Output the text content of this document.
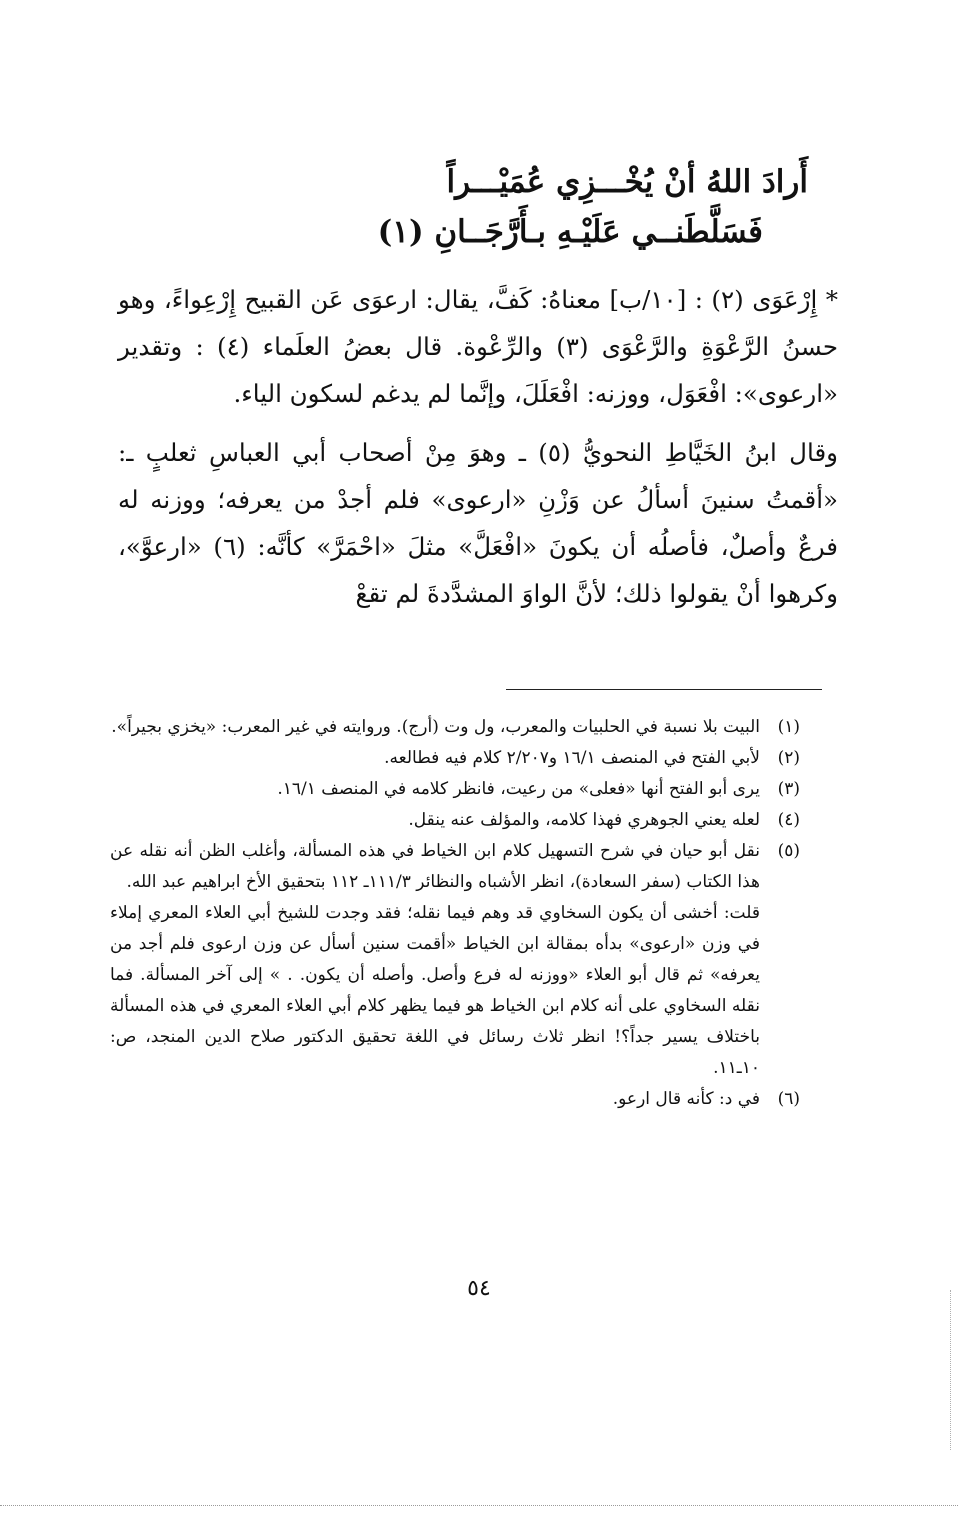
أَرادَ اللهُ أنْ يُخْـــزِي عُمَيْـــراً
فَسَلَّطَنــي عَلَيْـهِ بـأَرَّجَــانِ (١)

* إِرْعَوَى (٢) : [١٠/ب] معناهُ: كَفَّ، يقال: ارعوَى عَن القبيح إِرْعِواءً، وهو حسنُ الرَّعْوَةِ والرَّعْوَى (٣) والرِّعْوة. قال بعضُ العلَماء (٤) : وتقدير «ارعوى»: افْعَوَل، ووزنه: افْعَلَلَ، وإنَّما لم يدغم لسكون الياء.

وقال ابنُ الخَيَّاطِ النحويُّ (٥) ـ وهوَ مِنْ أصحاب أبي العباسِ ثعلبٍ ـ: «أقمتُ سنينَ أسألُ عن وَزْنِ «ارعوى» فلم أجدْ من يعرفه؛ ووزنه له فرعٌ وأصلٌ، فأصلُه أن يكونَ «افْعَلَّ» مثلَ «احْمَرَّ» كأنَّه: (٦) «ارعوَّ»، وكرهوا أنْ يقولوا ذلك؛ لأنَّ الواوَ المشدَّدةَ لم تقعْ

(١)
البيت بلا نسبة في الحلبيات والمعرب، ول وت (أرج). وروايته في غير المعرب: «يخزي بجيراً».
(٢)
لأبي الفتح في المنصف ١٦/١ و٢/٢٠٧ كلام فيه فطالعه.
(٣)
يرى أبو الفتح أنها «فعلى» من رعيت، فانظر كلامه في المنصف ١٦/١.
(٤)
لعله يعني الجوهري فهذا كلامه، والمؤلف عنه ينقل.
(٥)
نقل أبو حيان في شرح التسهيل كلام ابن الخياط في هذه المسألة، وأغلب الظن أنه نقله عن هذا الكتاب (سفر السعادة)، انظر الأشباه والنظائر ١١١/٣ـ ١١٢ بتحقيق الأخ ابراهيم عبد الله.
قلت: أخشى أن يكون السخاوي قد وهم فيما نقله؛ فقد وجدت للشيخ أبي العلاء المعري إملاء في وزن «ارعوى» بدأه بمقالة ابن الخياط «أقمت سنين أسأل عن وزن ارعوى فلم أجد من يعرفه» ثم قال أبو العلاء «ووزنه له فرع وأصل. وأصله أن يكون. . » إلى آخر المسألة. فما نقله السخاوي على أنه كلام ابن الخياط هو فيما يظهر كلام أبي العلاء المعري في هذه المسألة باختلاف يسير جداً؟! انظر ثلاث رسائل في اللغة تحقيق الدكتور صلاح الدين المنجد، ص: ١٠ـ١١.
(٦)
في د: كأنه قال ارعو.
٥٤
